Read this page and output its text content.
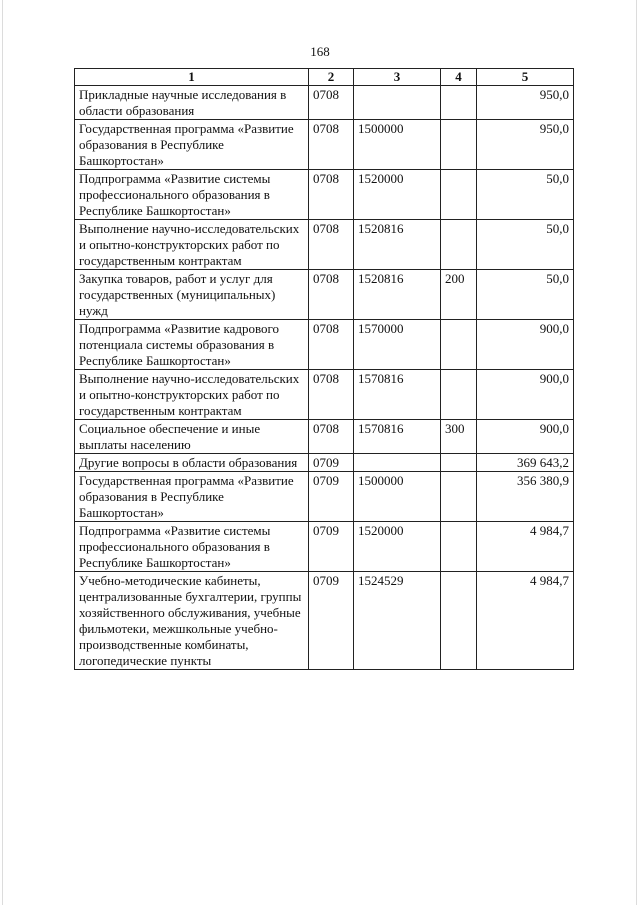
168
1	2	3	4	5
Прикладные научные исследования в области образования	0708			950,0
Государственная программа «Развитие образования в Республике Башкортостан»	0708	1500000		950,0
Подпрограмма «Развитие системы профессионального образования в Республике Башкортостан»	0708	1520000		50,0
Выполнение научно-исследовательских и опытно-конструкторских работ по государственным контрактам	0708	1520816		50,0
Закупка товаров, работ и услуг для государственных (муниципальных) нужд	0708	1520816	200	50,0
Подпрограмма «Развитие кадрового потенциала системы образования в Республике Башкортостан»	0708	1570000		900,0
Выполнение научно-исследовательских и опытно-конструкторских работ по государственным контрактам	0708	1570816		900,0
Социальное обеспечение и иные выплаты населению	0708	1570816	300	900,0
Другие вопросы в области образования	0709			369 643,2
Государственная программа «Развитие образования в Республике Башкортостан»	0709	1500000		356 380,9
Подпрограмма «Развитие системы профессионального образования в Республике Башкортостан»	0709	1520000		4 984,7
Учебно-методические кабинеты, централизованные бухгалтерии, группы хозяйственного обслуживания, учебные фильмотеки, межшкольные учебно-производственные комбинаты, логопедические пункты	0709	1524529		4 984,7
